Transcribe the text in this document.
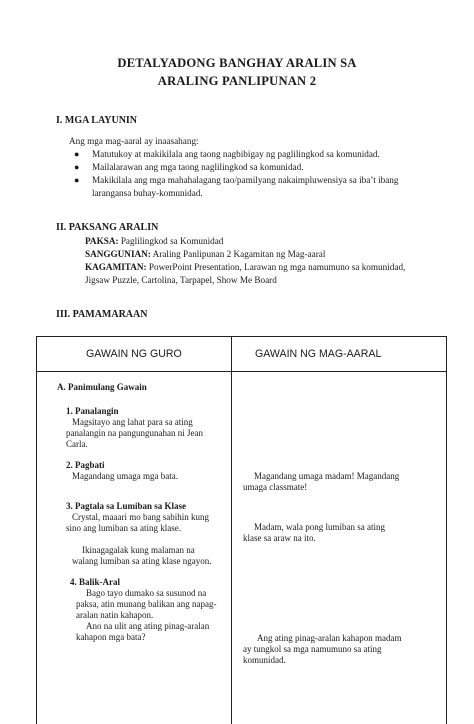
DETALYADONG BANGHAY ARALIN SA
ARALING PANLIPUNAN 2
I. MGA LAYUNIN
Ang mga mag-aaral ay inaasahang:
● Matutukoy at makikilala ang taong nagbibigay ng paglilingkod sa komunidad.
● Mailalarawan ang mga taong naglilingkod sa komunidad.
● Makikilala ang mga mahahalagang tao/pamilyang nakaimpluwensiya sa iba’t ibang
larangansa buhay-komunidad.
II. PAKSANG ARALIN
PAKSA: Paglilingkod sa Komunidad
SANGGUNIAN: Araling Panlipunan 2 Kagamitan ng Mag-aaral
KAGAMITAN: PowerPoint Presentation, Larawan ng mga namumuno sa komunidad,
Jigsaw Puzzle, Cartolina, Tarpapel, Show Me Board
III. PAMAMARAAN
GAWAIN NG GURO	GAWAIN NG MAG-AARAL
A. Panimulang Gawain
1. Panalangin
Magsitayo ang lahat para sa ating
panalangin na pangungunahan ni Jean
Carla.
2. Pagbati
Magandang umaga mga bata.	Magandang umaga madam! Magandang
umaga classmate!
3. Pagtala sa Lumiban sa Klase
Crystal, maaari mo bang sabihin kung
sino ang lumiban sa ating klase.	Madam, wala pong lumiban sa ating
klase sa araw na ito.
Ikinagagalak kung malaman na
walang lumiban sa ating klase ngayon.
4. Balik-Aral
Bago tayo dumako sa susunod na
paksa, atin munang balikan ang napag-
aralan natin kahapon.
Ano na ulit ang ating pinag-aralan
kahapon mga bata?	Ang ating pinag-aralan kahapon madam
ay tungkol sa mga namumuno sa ating
komunidad.
